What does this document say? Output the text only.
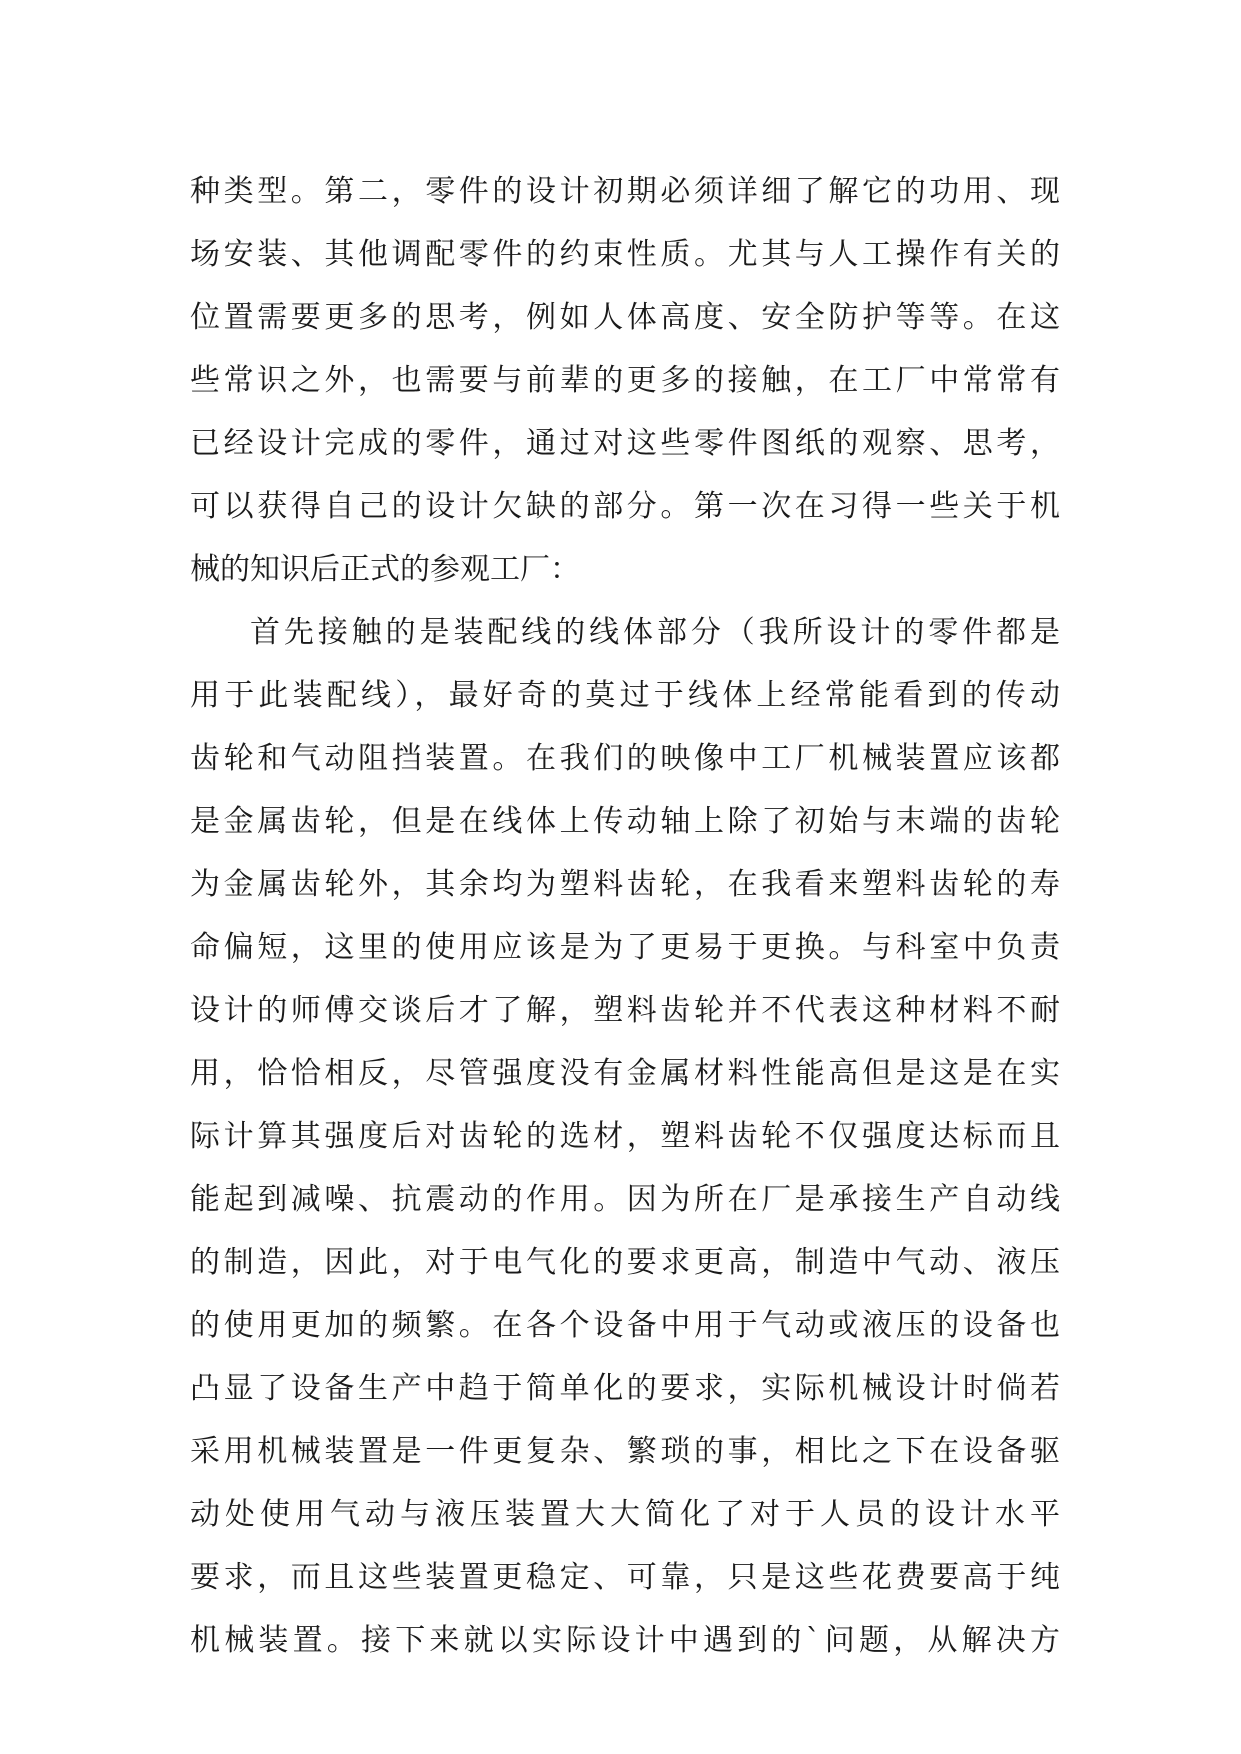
种类型。第二，零件的设计初期必须详细了解它的功用、现
场安装、其他调配零件的约束性质。尤其与人工操作有关的
位置需要更多的思考，例如人体高度、安全防护等等。在这
些常识之外，也需要与前辈的更多的接触，在工厂中常常有
已经设计完成的零件，通过对这些零件图纸的观察、思考，
可以获得自己的设计欠缺的部分。第一次在习得一些关于机
械的知识后正式的参观工厂：
首先接触的是装配线的线体部分（我所设计的零件都是
用于此装配线），最好奇的莫过于线体上经常能看到的传动
齿轮和气动阻挡装置。在我们的映像中工厂机械装置应该都
是金属齿轮，但是在线体上传动轴上除了初始与末端的齿轮
为金属齿轮外，其余均为塑料齿轮，在我看来塑料齿轮的寿
命偏短，这里的使用应该是为了更易于更换。与科室中负责
设计的师傅交谈后才了解，塑料齿轮并不代表这种材料不耐
用，恰恰相反，尽管强度没有金属材料性能高但是这是在实
际计算其强度后对齿轮的选材，塑料齿轮不仅强度达标而且
能起到减噪、抗震动的作用。因为所在厂是承接生产自动线
的制造，因此，对于电气化的要求更高，制造中气动、液压
的使用更加的频繁。在各个设备中用于气动或液压的设备也
凸显了设备生产中趋于简单化的要求，实际机械设计时倘若
采用机械装置是一件更复杂、繁琐的事，相比之下在设备驱
动处使用气动与液压装置大大简化了对于人员的设计水平
要求，而且这些装置更稳定、可靠，只是这些花费要高于纯
机械装置。接下来就以实际设计中遇到的`问题，从解决方
